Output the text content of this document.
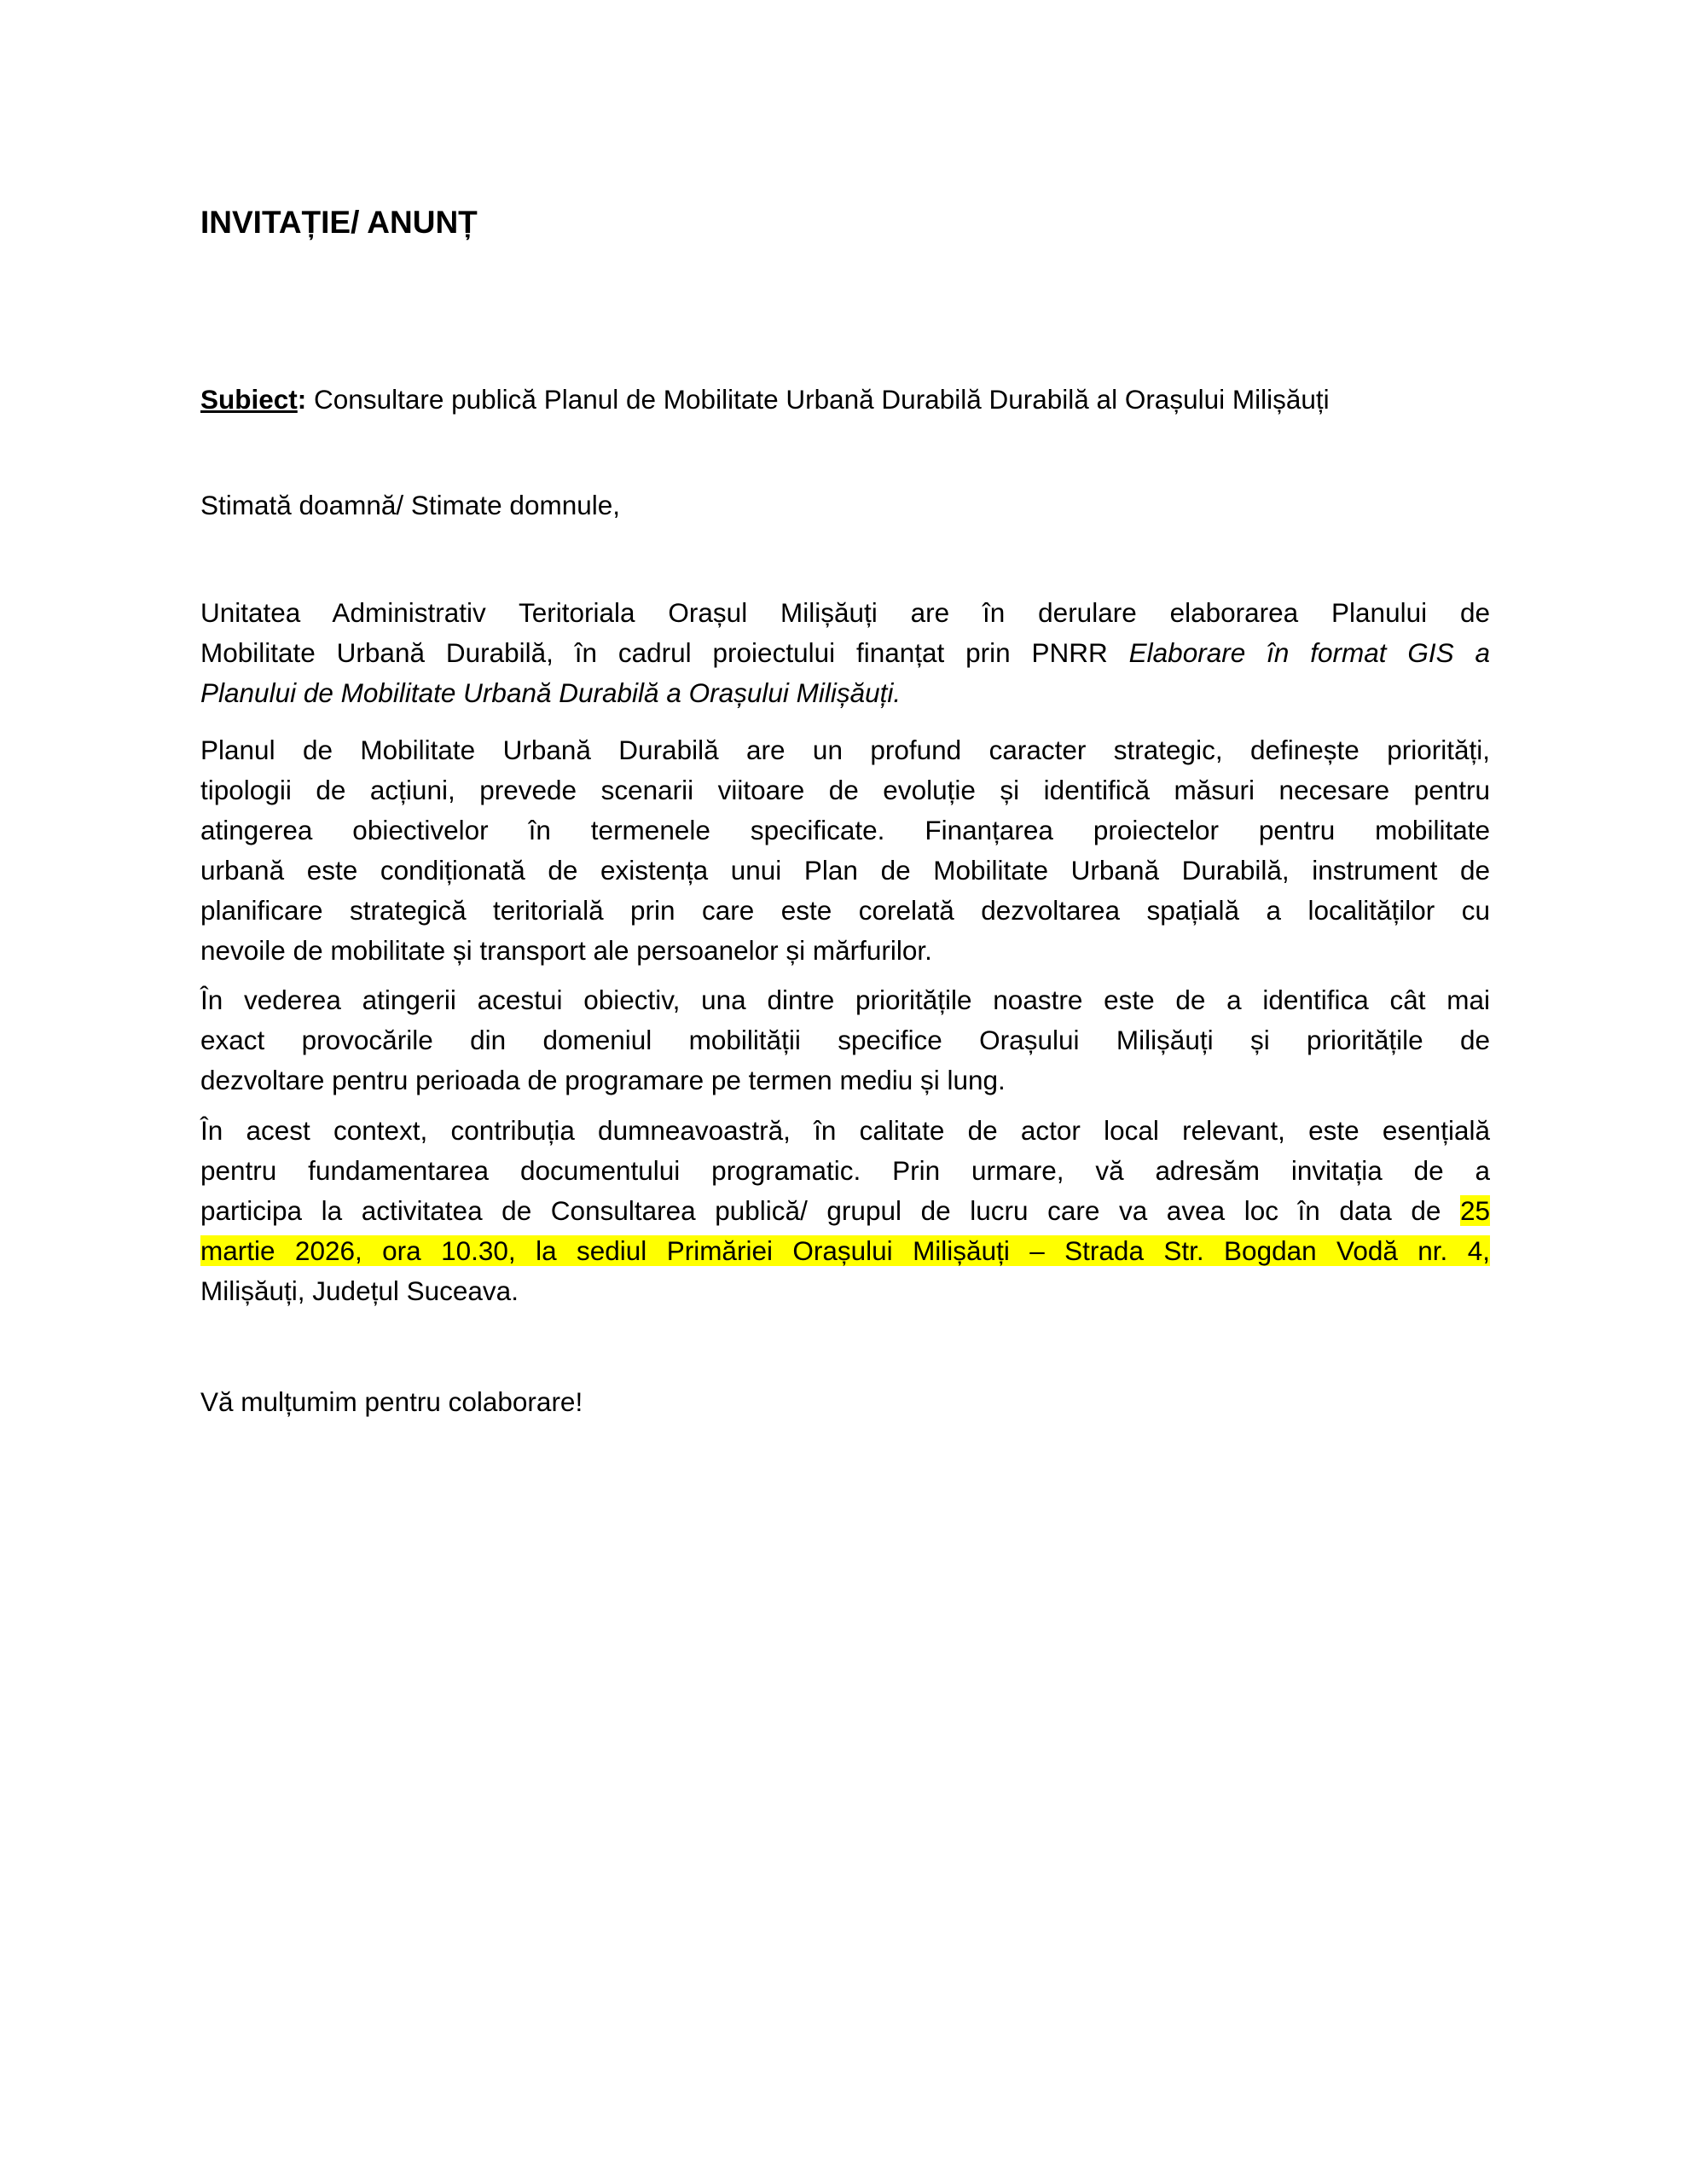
INVITAȚIE/ ANUNȚ
Subiect: Consultare publică Planul de Mobilitate Urbană Durabilă Durabilă al Orașului Milișăuți
Stimată doamnă/ Stimate domnule,
Unitatea Administrativ Teritoriala Orașul Milișăuți are în derulare elaborarea Planului de
Mobilitate Urbană Durabilă, în cadrul proiectului finanțat prin PNRR Elaborare în format GIS a
Planului de Mobilitate Urbană Durabilă a Orașului Milișăuți.
Planul de Mobilitate Urbană Durabilă are un profund caracter strategic, definește priorități,
tipologii de acțiuni, prevede scenarii viitoare de evoluție și identifică măsuri necesare pentru
atingerea obiectivelor în termenele specificate. Finanțarea proiectelor pentru mobilitate
urbană este condiționată de existența unui Plan de Mobilitate Urbană Durabilă, instrument de
planificare strategică teritorială prin care este corelată dezvoltarea spațială a localităților cu
nevoile de mobilitate și transport ale persoanelor și mărfurilor.
În vederea atingerii acestui obiectiv, una dintre prioritățile noastre este de a identifica cât mai
exact provocările din domeniul mobilității specifice Orașului Milișăuți și prioritățile de
dezvoltare pentru perioada de programare pe termen mediu și lung.
În acest context, contribuția dumneavoastră, în calitate de actor local relevant, este esențială
pentru fundamentarea documentului programatic. Prin urmare, vă adresăm invitația de a
participa la activitatea de Consultarea publică/ grupul de lucru care va avea loc în data de 25
martie 2026, ora 10.30, la sediul Primăriei Orașului Milișăuți – Strada Str. Bogdan Vodă nr. 4,
Milișăuți, Județul Suceava.
Vă mulțumim pentru colaborare!
